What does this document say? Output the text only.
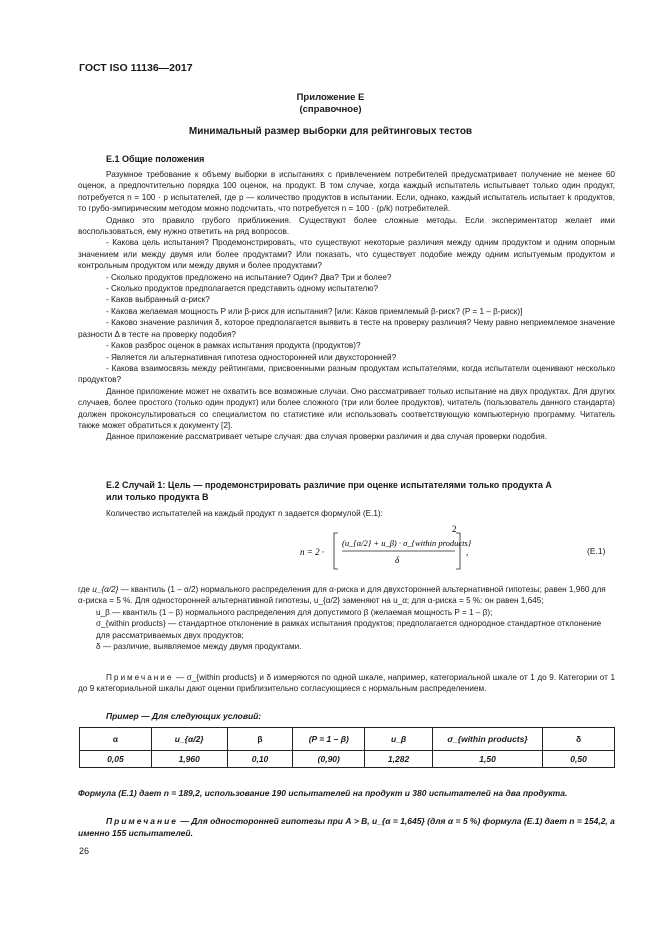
ГОСТ ISO 11136—2017
Приложение Е
(справочное)
Минимальный размер выборки для рейтинговых тестов
Е.1 Общие положения

Разумное требование к объему выборки в испытаниях с привлечением потребителей предусматривает получение не менее 60 оценок, а предпочтительно порядка 100 оценок, на продукт. В том случае, когда каждый испытатель испытывает только один продукт, потребуется n = 100 · p испытателей, где p — количество продуктов в испытании. Если, однако, каждый испытатель испытает k продуктов, то грубо-эмпирическим методом можно подсчитать, что потребуется n = 100 · (p/k) потребителей.

Однако это правило грубого приближения. Существуют более сложные методы. Если экспериментатор желает ими воспользоваться, ему нужно ответить на ряд вопросов.

- Какова цель испытания? Продемонстрировать, что существуют некоторые различия между одним продуктом и одним опорным значением или между двумя или более продуктами? Или показать, что существует подобие между одним испытуемым продуктом и контрольным продуктом или между двумя и более продуктами?

- Сколько продуктов предложено на испытание? Один? Два? Три и более?

- Сколько продуктов предполагается представить одному испытателю?

- Каков выбранный α-риск?

- Какова желаемая мощность P или β-риск для испытания? [или: Каков приемлемый β-риск? (P = 1 – β-риск)]

- Каково значение различия δ, которое предполагается выявить в тесте на проверку различия? Чему равно неприемлемое значение разности Δ в тесте на проверку подобия?

- Каков разброс оценок в рамках испытания продукта (продуктов)?

- Является ли альтернативная гипотеза односторонней или двухсторонней?

- Какова взаимосвязь между рейтингами, присвоенными разным продуктам испытателями, когда испытатели оценивают несколько продуктов?

Данное приложение может не охватить все возможные случаи. Оно рассматривает только испытание на двух продуктах. Для других случаев, более простого (только один продукт) или более сложного (три или более продуктов), читатель (пользователь данного стандарта) должен проконсультироваться со специалистом по статистике или использовать соответствующую компьютерную программу. Читатель также может обратиться к документу [2].

Данное приложение рассматривает четыре случая: два случая проверки различия и два случая проверки подобия.

Е.2 Случай 1: Цель — продемонстрировать различие при оценке испытателями только продукта А
или только продукта В

Количество испытателей на каждый продукт n задается формулой (Е.1):

n = 2 ·
(u_{α/2} + u_β) · σ_{within products}
δ
2
,	(Е.1)
где u_{α/2} — квантиль (1 – α/2) нормального распределения для α-риска и для двухсторонней альтернативной гипотезы; равен 1,960 для α-риска = 5 %. Для односторонней альтернативной гипотезы, u_{α/2} заменяют на u_α; для α-риска = 5 %: он равен 1,645;
u_β — квантиль (1 – β) нормального распределения для допустимого β (желаемая мощность P = 1 – β);
σ_{within products} — стандартное отклонение в рамках испытания продуктов; предполагается однородное стандартное отклонение для рассматриваемых двух продуктов;
δ — различие, выявляемое между двумя продуктами.
Примечание — σ_{within products} и δ измеряются по одной шкале, например, категориальной шкале от 1 до 9. Категории от 1 до 9 категориальной шкалы дают оценки приблизительно согласующиеся с нормальным распределением.
Пример — Для следующих условий:
α	u_{α/2}	β	(P = 1 – β)	u_β	σ_{within products}	δ
0,05	1,960	0,10	(0,90)	1,282	1,50	0,50
Формула (Е.1) дает n = 189,2, использование 190 испытателей на продукт и 380 испытателей на два продукта.
Примечание — Для односторонней гипотезы при А > В, u_{α = 1,645} (для α = 5 %) формула (Е.1) дает n = 154,2, а именно 155 испытателей.
26
